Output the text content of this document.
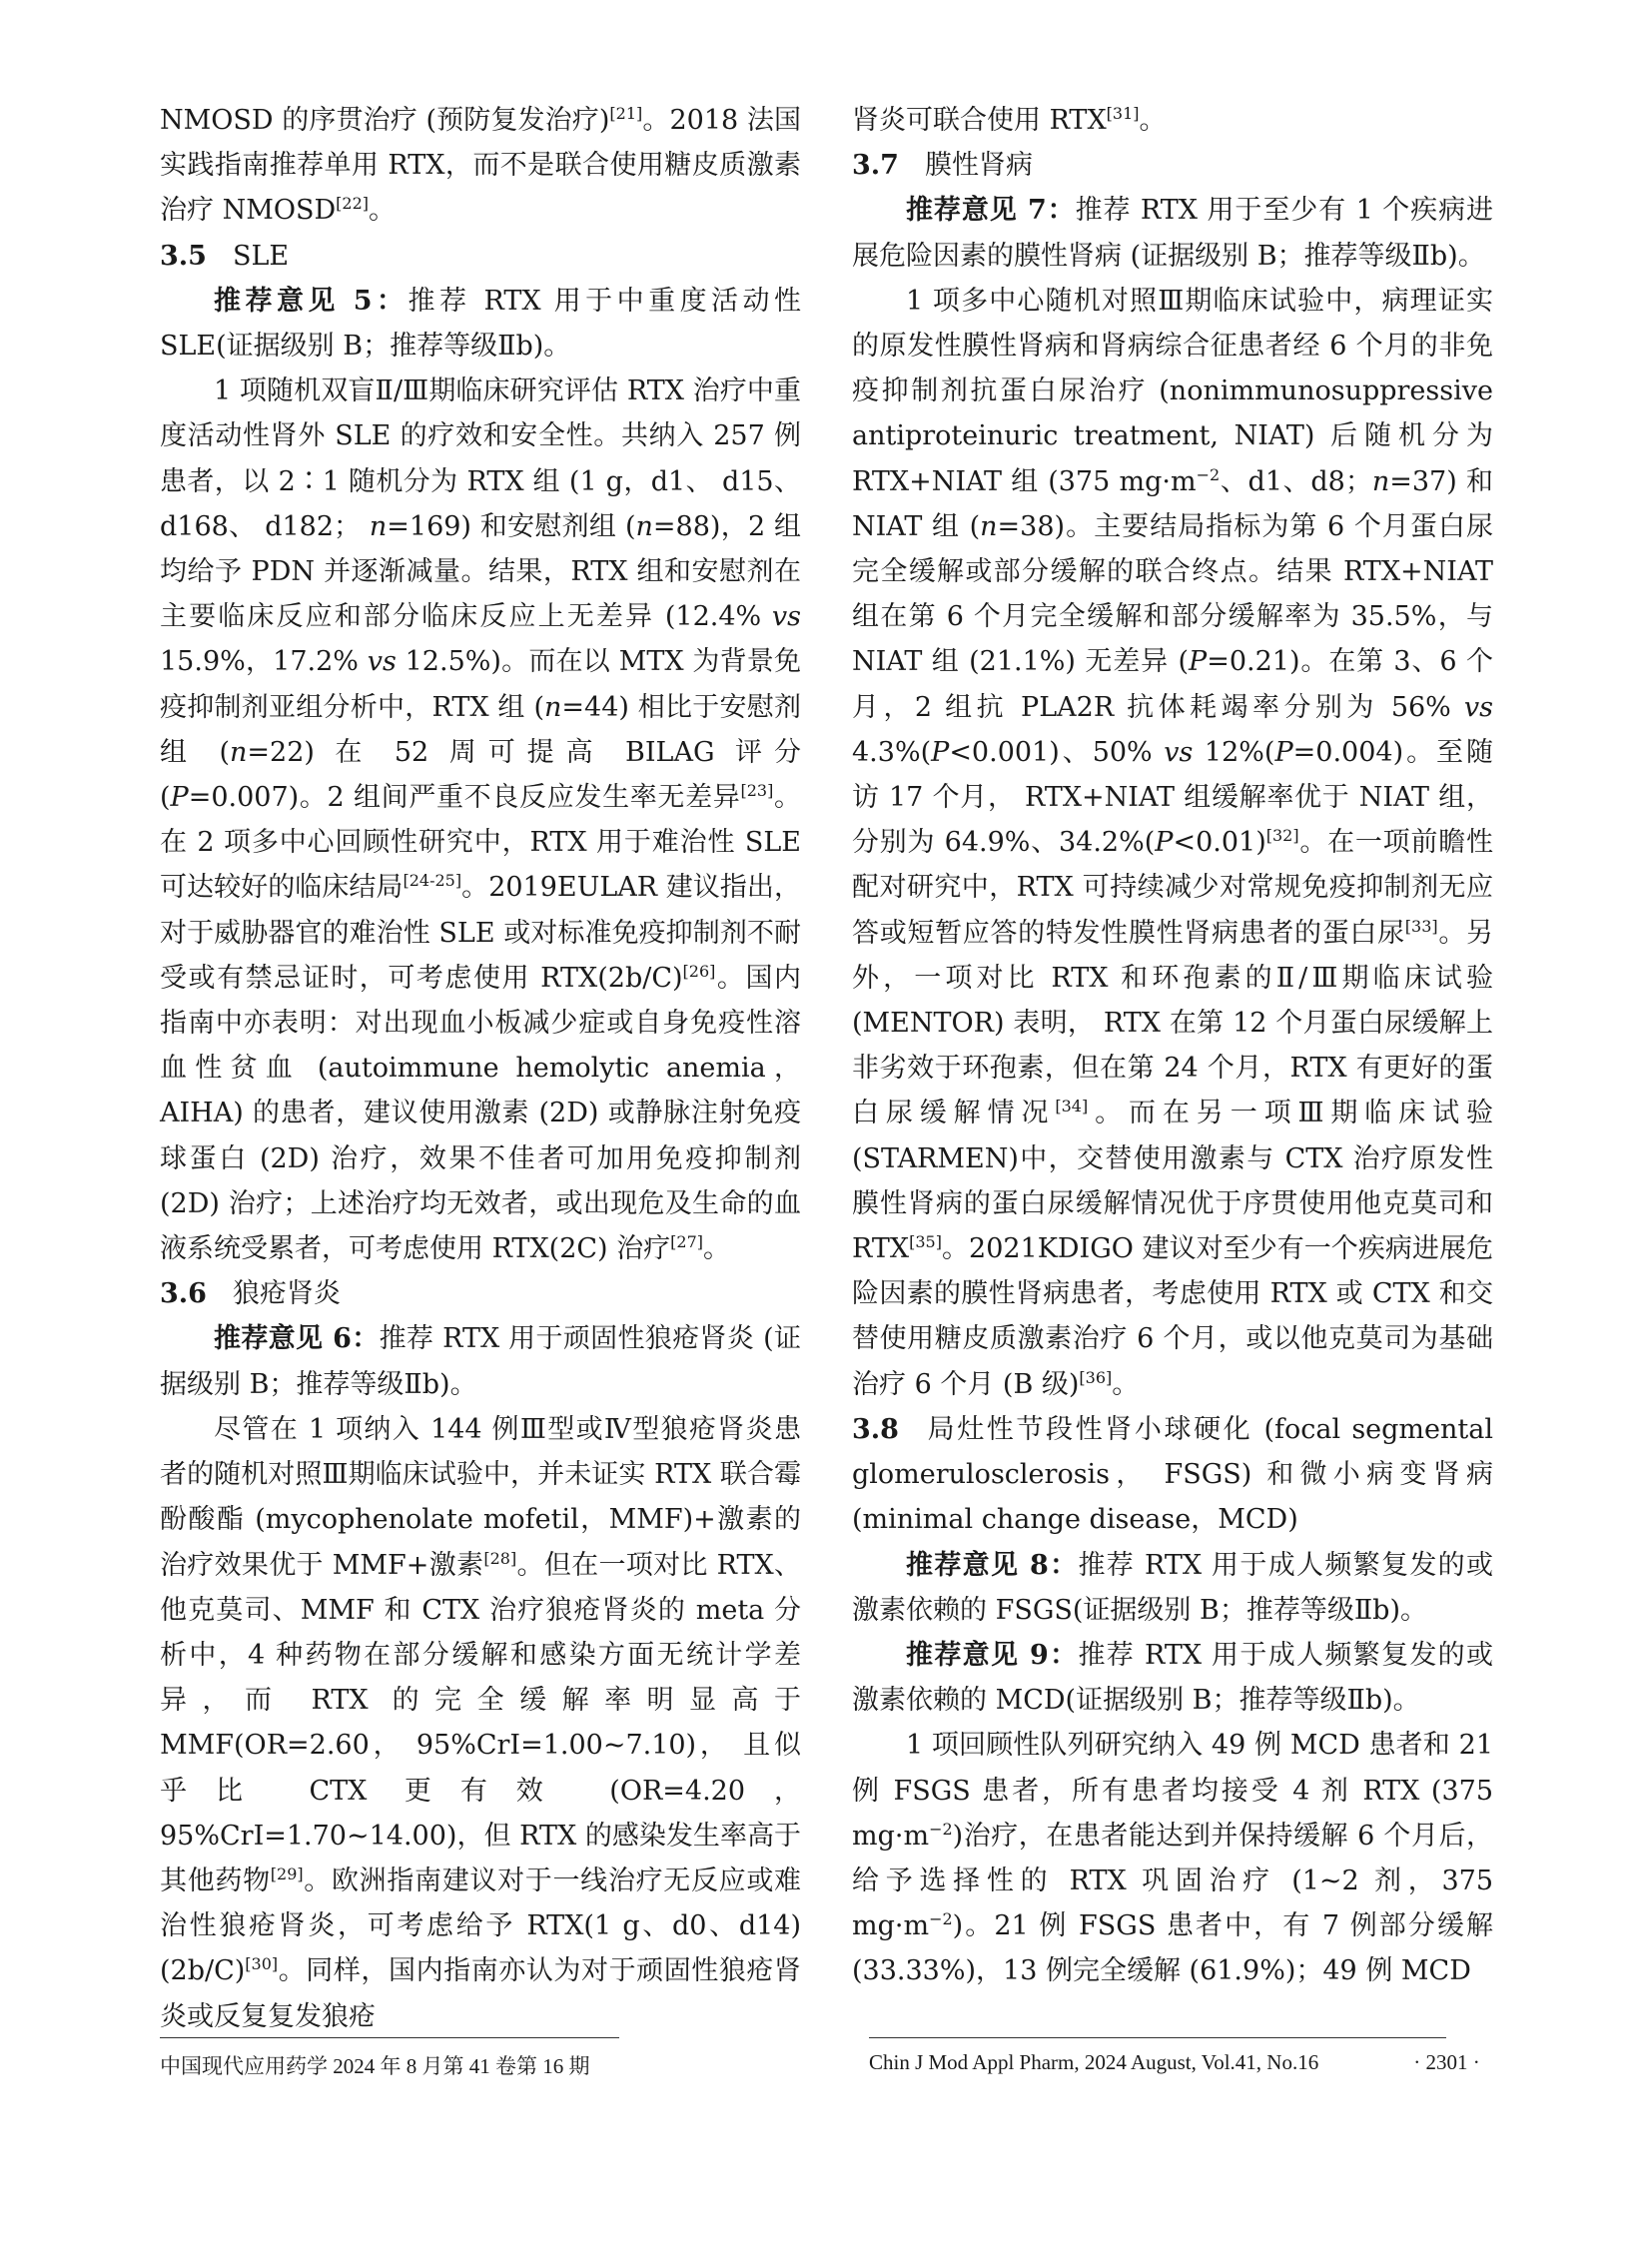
NMOSD 的序贯治疗 (预防复发治疗)[21]。2018 法国实践指南推荐单用 RTX，而不是联合使用糖皮质激素治疗 NMOSD[22]。

3.5 SLE

推荐意见 5：推荐 RTX 用于中重度活动性 SLE(证据级别 B；推荐等级Ⅱb)。

1 项随机双盲Ⅱ/Ⅲ期临床研究评估 RTX 治疗中重度活动性肾外 SLE 的疗效和安全性。共纳入 257 例患者，以 2∶1 随机分为 RTX 组 (1 g，d1、 d15、 d168、 d182； n=169) 和安慰剂组 (n=88)，2 组均给予 PDN 并逐渐减量。结果，RTX 组和安慰剂在主要临床反应和部分临床反应上无差异 (12.4% vs 15.9%，17.2% vs 12.5%)。而在以 MTX 为背景免疫抑制剂亚组分析中，RTX 组 (n=44) 相比于安慰剂组 (n=22) 在 52 周可提高 BILAG 评分 (P=0.007)。2 组间严重不良反应发生率无差异[23]。在 2 项多中心回顾性研究中，RTX 用于难治性 SLE 可达较好的临床结局[24-25]。2019EULAR 建议指出，对于威胁器官的难治性 SLE 或对标准免疫抑制剂不耐受或有禁忌证时，可考虑使用 RTX(2b/C)[26]。国内指南中亦表明：对出现血小板减少症或自身免疫性溶血性贫血 (autoimmune hemolytic anemia，AIHA) 的患者，建议使用激素 (2D) 或静脉注射免疫球蛋白 (2D) 治疗，效果不佳者可加用免疫抑制剂 (2D) 治疗；上述治疗均无效者，或出现危及生命的血液系统受累者，可考虑使用 RTX(2C) 治疗[27]。

3.6 狼疮肾炎

推荐意见 6：推荐 RTX 用于顽固性狼疮肾炎 (证据级别 B；推荐等级Ⅱb)。

尽管在 1 项纳入 144 例Ⅲ型或Ⅳ型狼疮肾炎患者的随机对照Ⅲ期临床试验中，并未证实 RTX 联合霉酚酸酯 (mycophenolate mofetil，MMF)+激素的治疗效果优于 MMF+激素[28]。但在一项对比 RTX、他克莫司、MMF 和 CTX 治疗狼疮肾炎的 meta 分析中，4 种药物在部分缓解和感染方面无统计学差异，而 RTX 的完全缓解率明显高于 MMF(OR=2.60， 95%CrI=1.00~7.10)， 且似乎比 CTX 更有效 (OR=4.20，95%CrI=1.70~14.00)，但 RTX 的感染发生率高于其他药物[29]。欧洲指南建议对于一线治疗无反应或难治性狼疮肾炎，可考虑给予 RTX(1 g、d0、d14)(2b/C)[30]。同样，国内指南亦认为对于顽固性狼疮肾炎或反复复发狼疮

肾炎可联合使用 RTX[31]。

3.7 膜性肾病

推荐意见 7：推荐 RTX 用于至少有 1 个疾病进展危险因素的膜性肾病 (证据级别 B；推荐等级Ⅱb)。

1 项多中心随机对照Ⅲ期临床试验中，病理证实的原发性膜性肾病和肾病综合征患者经 6 个月的非免疫抑制剂抗蛋白尿治疗 (nonimmunosuppressive antiproteinuric treatment, NIAT) 后随机分为 RTX+NIAT 组 (375 $mg\cdot m^{-2}$、d1、d8；n=37) 和 NIAT 组 (n=38)。主要结局指标为第 6 个月蛋白尿完全缓解或部分缓解的联合终点。结果 RTX+NIAT 组在第 6 个月完全缓解和部分缓解率为 35.5%，与 NIAT 组 (21.1%) 无差异 (P=0.21)。在第 3、6 个月，2 组抗 PLA2R 抗体耗竭率分别为 56% vs 4.3%(P<0.001)、50% vs 12%(P=0.004)。至随访 17 个月， RTX+NIAT 组缓解率优于 NIAT 组，分别为 64.9%、34.2%(P<0.01)[32]。在一项前瞻性配对研究中，RTX 可持续减少对常规免疫抑制剂无应答或短暂应答的特发性膜性肾病患者的蛋白尿[33]。另外，一项对比 RTX 和环孢素的Ⅱ/Ⅲ期临床试验 (MENTOR) 表明， RTX 在第 12 个月蛋白尿缓解上非劣效于环孢素，但在第 24 个月，RTX 有更好的蛋白尿缓解情况[34]。而在另一项Ⅲ期临床试验 (STARMEN)中，交替使用激素与 CTX 治疗原发性膜性肾病的蛋白尿缓解情况优于序贯使用他克莫司和RTX[35]。2021KDIGO 建议对至少有一个疾病进展危险因素的膜性肾病患者，考虑使用 RTX 或 CTX 和交替使用糖皮质激素治疗 6 个月，或以他克莫司为基础治疗 6 个月 (B 级)[36]。

3.8 局灶性节段性肾小球硬化 (focal segmental glomerulosclerosis， FSGS) 和微小病变肾病 (minimal change disease，MCD)

推荐意见 8：推荐 RTX 用于成人频繁复发的或激素依赖的 FSGS(证据级别 B；推荐等级Ⅱb)。

推荐意见 9：推荐 RTX 用于成人频繁复发的或激素依赖的 MCD(证据级别 B；推荐等级Ⅱb)。

1 项回顾性队列研究纳入 49 例 MCD 患者和 21 例 FSGS 患者，所有患者均接受 4 剂 RTX (375 $mg\cdot m^{-2}$)治疗，在患者能达到并保持缓解 6 个月后，给予选择性的 RTX 巩固治疗 (1~2 剂，375 $mg\cdot m^{-2}$)。21 例 FSGS 患者中，有 7 例部分缓解 (33.33%)，13 例完全缓解 (61.9%)；49 例 MCD

中国现代应用药学 2024 年 8 月第 41 卷第 16 期	Chin J Mod Appl Pharm, 2024 August, Vol.41, No.16	· 2301 ·
